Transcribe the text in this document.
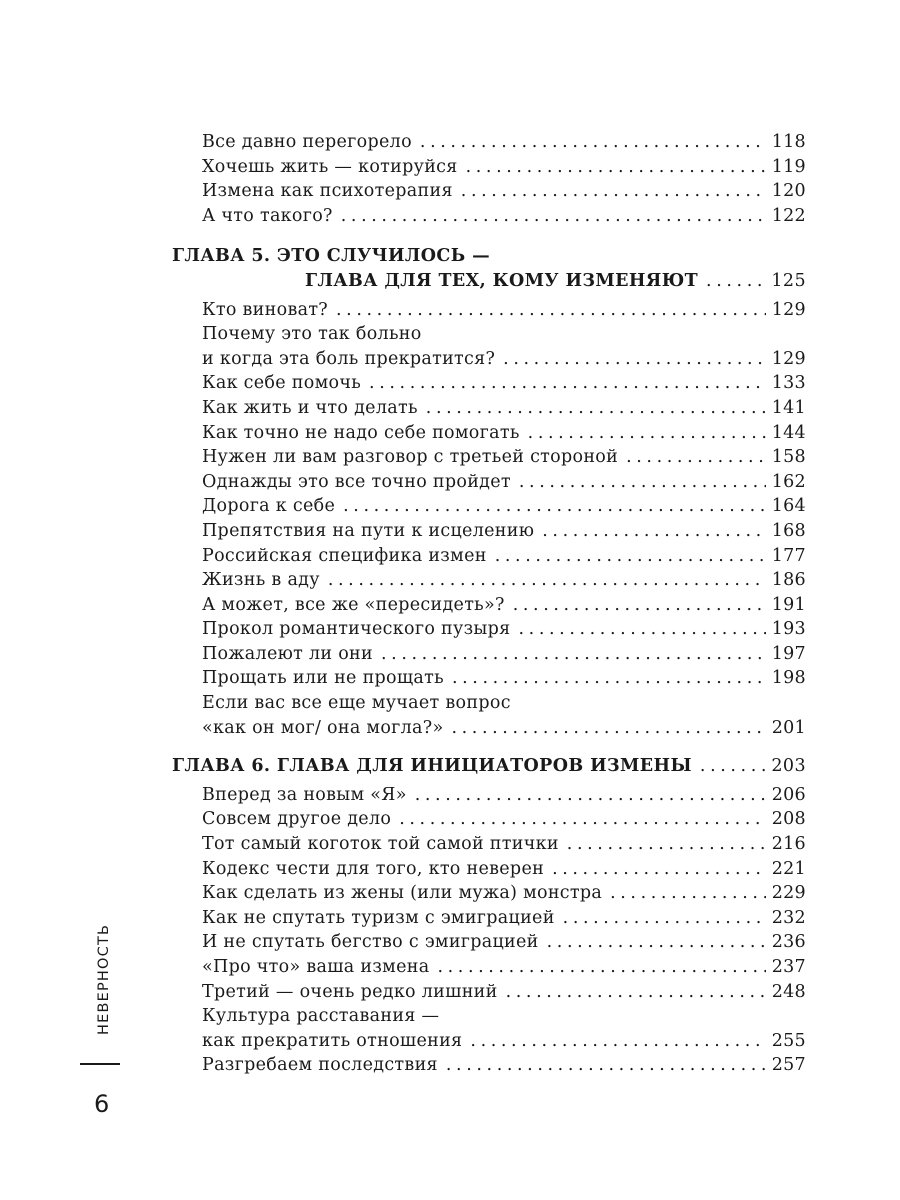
Все давно перегорело .....	118
Хочешь жить — котируйся .....	119
Измена как психотерапия .....	120
А что такого? .....	122
ГЛАВА 5. ЭТО СЛУЧИЛОСЬ —
ГЛАВА ДЛЯ ТЕХ, КОМУ ИЗМЕНЯЮТ .....	125
Кто виноват? .....	129
Почему это так больно
и когда эта боль прекратится? .....	129
Как себе помочь .....	133
Как жить и что делать .....	141
Как точно не надо себе помогать .....	144
Нужен ли вам разговор с третьей стороной .....	158
Однажды это все точно пройдет .....	162
Дорога к себе .....	164
Препятствия на пути к исцелению .....	168
Российская специфика измен .....	177
Жизнь в аду .....	186
А может, все же «пересидеть»? .....	191
Прокол романтического пузыря .....	193
Пожалеют ли они .....	197
Прощать или не прощать .....	198
Если вас все еще мучает вопрос
«как он мог/ она могла?» .....	201
ГЛАВА 6. ГЛАВА ДЛЯ ИНИЦИАТОРОВ ИЗМЕНЫ .....	203
Вперед за новым «Я» .....	206
Совсем другое дело .....	208
Тот самый коготок той самой птички .....	216
Кодекс чести для того, кто неверен .....	221
Как сделать из жены (или мужа) монстра .....	229
Как не спутать туризм с эмиграцией .....	232
И не спутать бегство с эмиграцией .....	236
«Про что» ваша измена .....	237
Третий — очень редко лишний .....	248
Культура расставания —
как прекратить отношения .....	255
Разгребаем последствия .....	257
НЕВЕРНОСТЬ
6
